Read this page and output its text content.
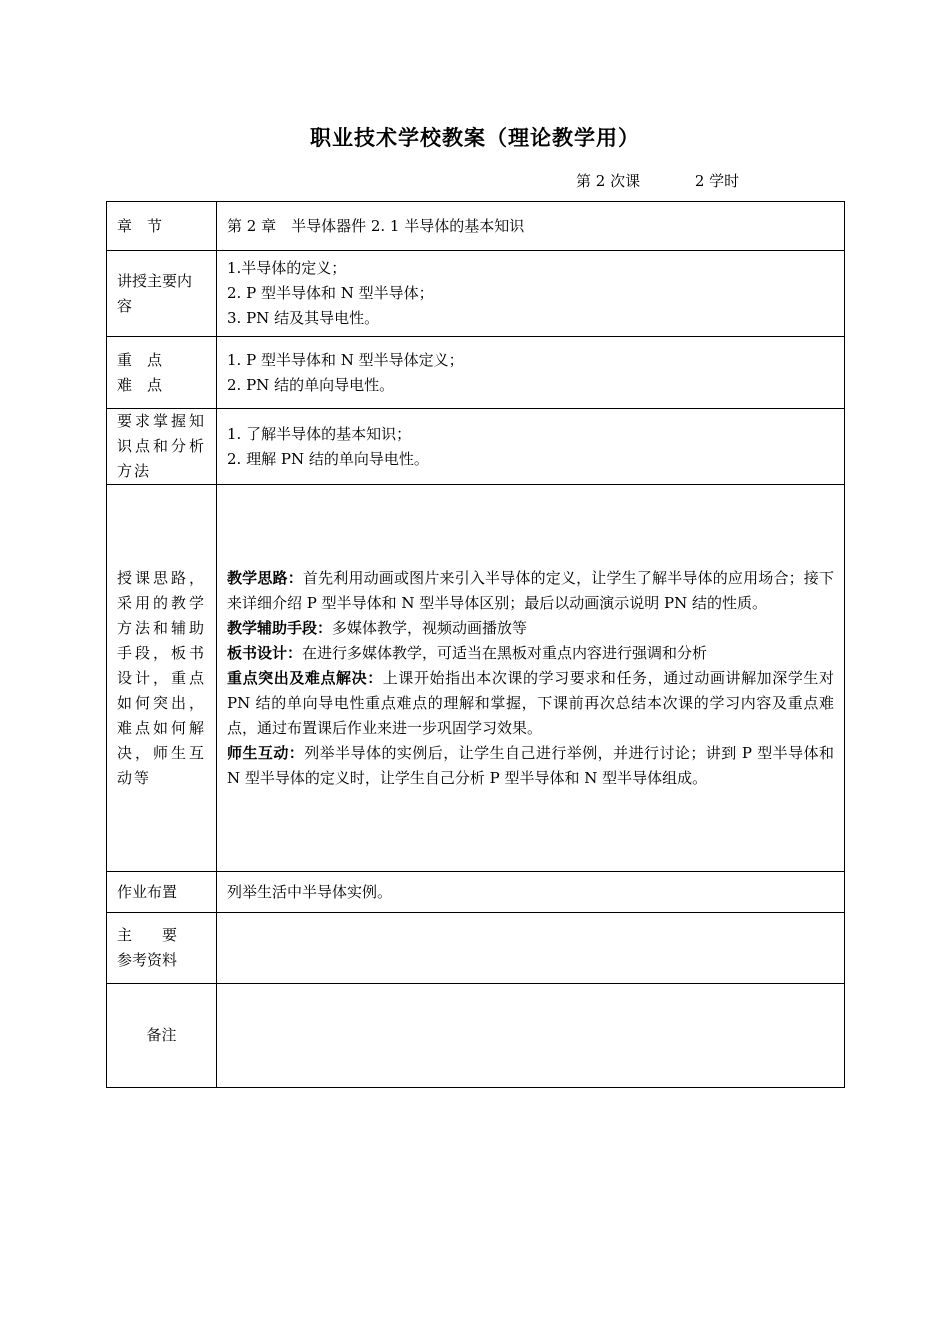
职业技术学校教案（理论教学用）
第 2 次课	2 学时
章　节	第 2 章　半导体器件 2. 1 半导体的基本知识
讲授主要内容	1.半导体的定义；
2. P 型半导体和 N 型半导体；
3. PN 结及其导电性。

重　点
难　点	1. P 型半导体和 N 型半导体定义；
2. PN 结的单向导电性。

要求掌握知识点和分析方法	1. 了解半导体的基本知识；
2. 理解 PN 结的单向导电性。

授课思路，采用的教学方法和辅助手段，板书设计，重点如何突出，难点如何解决，师生互动等	教学思路：首先利用动画或图片来引入半导体的定义，让学生了解半导体的应用场合；接下来详细介绍 P 型半导体和 N 型半导体区别；最后以动画演示说明 PN 结的性质。

教学辅助手段：多媒体教学，视频动画播放等

板书设计：在进行多媒体教学，可适当在黑板对重点内容进行强调和分析

重点突出及难点解决：上课开始指出本次课的学习要求和任务，通过动画讲解加深学生对 PN 结的单向导电性重点难点的理解和掌握，下课前再次总结本次课的学习内容及重点难点，通过布置课后作业来进一步巩固学习效果。

师生互动：列举半导体的实例后，让学生自己进行举例，并进行讨论；讲到 P 型半导体和 N 型半导体的定义时，让学生自己分析 P 型半导体和 N 型半导体组成。

作业布置	列举生活中半导体实例。

主　　要
参考资料	

备注	
